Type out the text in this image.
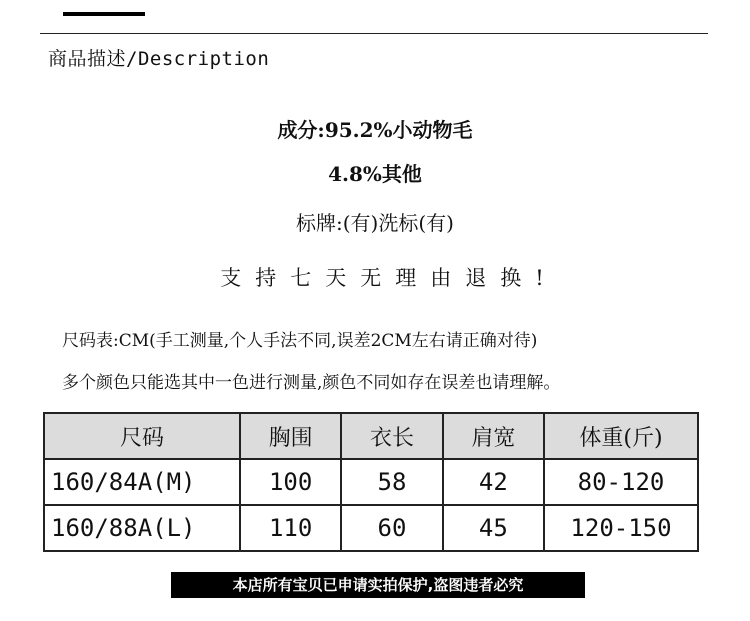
商品描述/Description
成分:95.2%小动物毛
4.8%其他
标牌:(有)洗标(有)
支持七天无理由退换!
尺码表:CM(手工测量,个人手法不同,误差2CM左右请正确对待)
多个颜色只能选其中一色进行测量,颜色不同如存在误差也请理解。
尺码	胸围	衣长	肩宽	体重(斤)
160/84A(M)	100	58	42	80-120
160/88A(L)	110	60	45	120-150
本店所有宝贝已申请实拍保护,盗图违者必究
